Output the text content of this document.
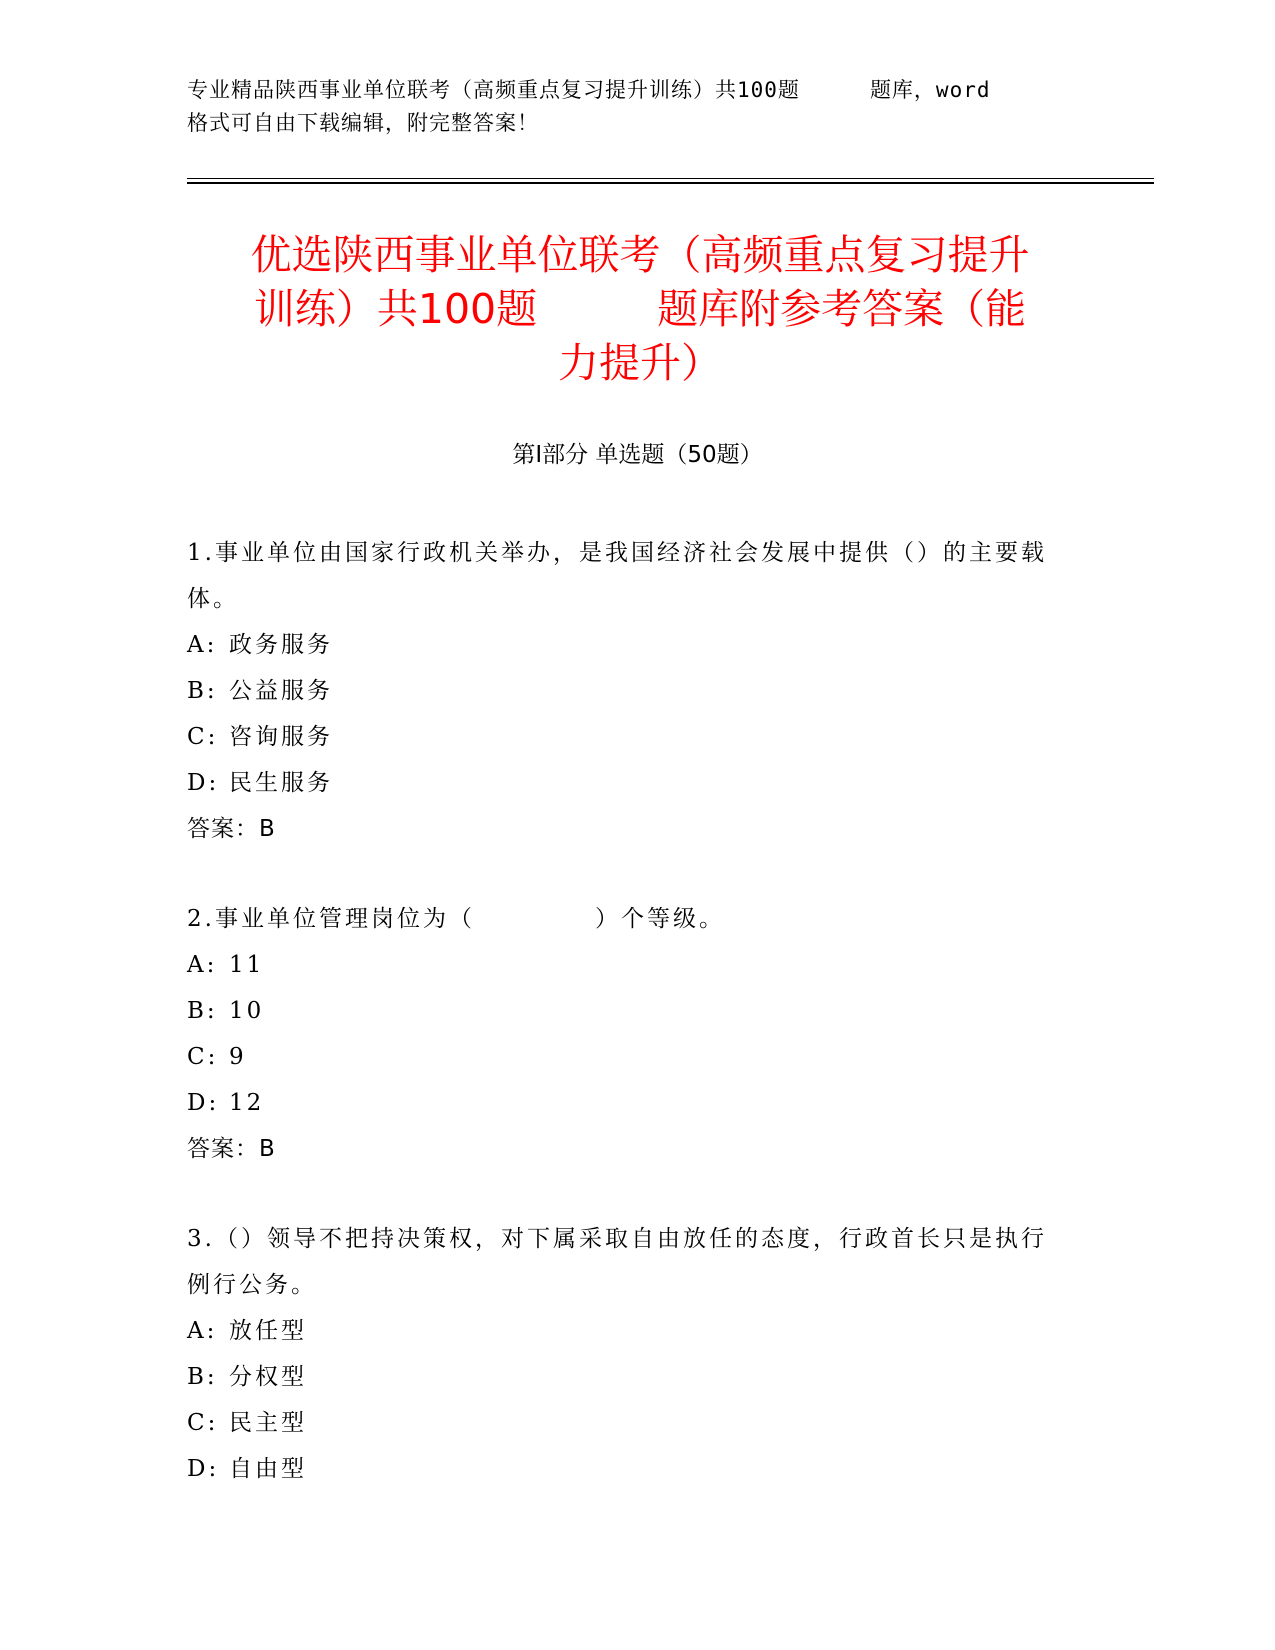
专业精品陕西事业单位联考（高频重点复习提升训练）共100题	题库，word
格式可自由下载编辑，附完整答案！
优选陕西事业单位联考（高频重点复习提升
训练）共100题	题库附参考答案（能
力提升）
第Ⅰ部分 单选题（50题）

1.事业单位由国家行政机关举办，是我国经济社会发展中提供（）的主要载体。

A: 政务服务
B: 公益服务
C: 咨询服务
D: 民生服务
答案：B

2.事业单位管理岗位为（	）个等级。

A: 11
B: 10
C: 9
D: 12
答案：B

3.（）领导不把持决策权，对下属采取自由放任的态度，行政首长只是执行例行公务。

A: 放任型
B: 分权型
C: 民主型
D: 自由型
